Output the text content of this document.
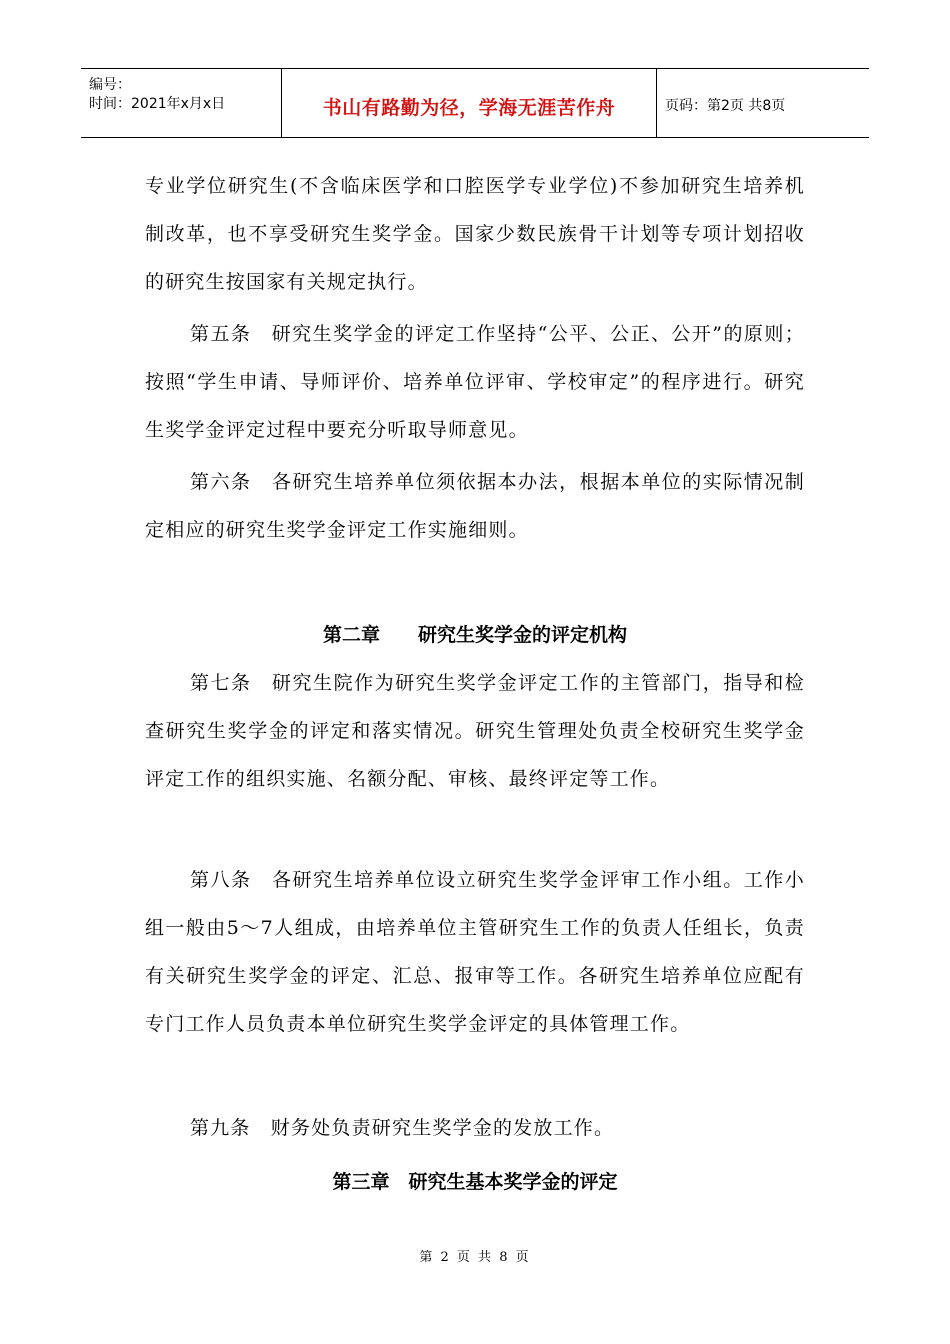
编号：
时间：2021年x月x日	书山有路勤为径，学海无涯苦作舟	页码：第2页 共8页
专业学位研究生(不含临床医学和口腔医学专业学位)不参加研究生培养机制改革，也不享受研究生奖学金。国家少数民族骨干计划等专项计划招收的研究生按国家有关规定执行。
第五条　研究生奖学金的评定工作坚持“公平、公正、公开”的原则；按照“学生申请、导师评价、培养单位评审、学校审定”的程序进行。研究生奖学金评定过程中要充分听取导师意见。
第六条　各研究生培养单位须依据本办法，根据本单位的实际情况制定相应的研究生奖学金评定工作实施细则。
第二章　　研究生奖学金的评定机构
第七条　研究生院作为研究生奖学金评定工作的主管部门，指导和检查研究生奖学金的评定和落实情况。研究生管理处负责全校研究生奖学金评定工作的组织实施、名额分配、审核、最终评定等工作。
第八条　各研究生培养单位设立研究生奖学金评审工作小组。工作小组一般由5～7人组成，由培养单位主管研究生工作的负责人任组长，负责有关研究生奖学金的评定、汇总、报审等工作。各研究生培养单位应配有专门工作人员负责本单位研究生奖学金评定的具体管理工作。
第九条　财务处负责研究生奖学金的发放工作。
第三章　研究生基本奖学金的评定
第 2 页 共 8 页
